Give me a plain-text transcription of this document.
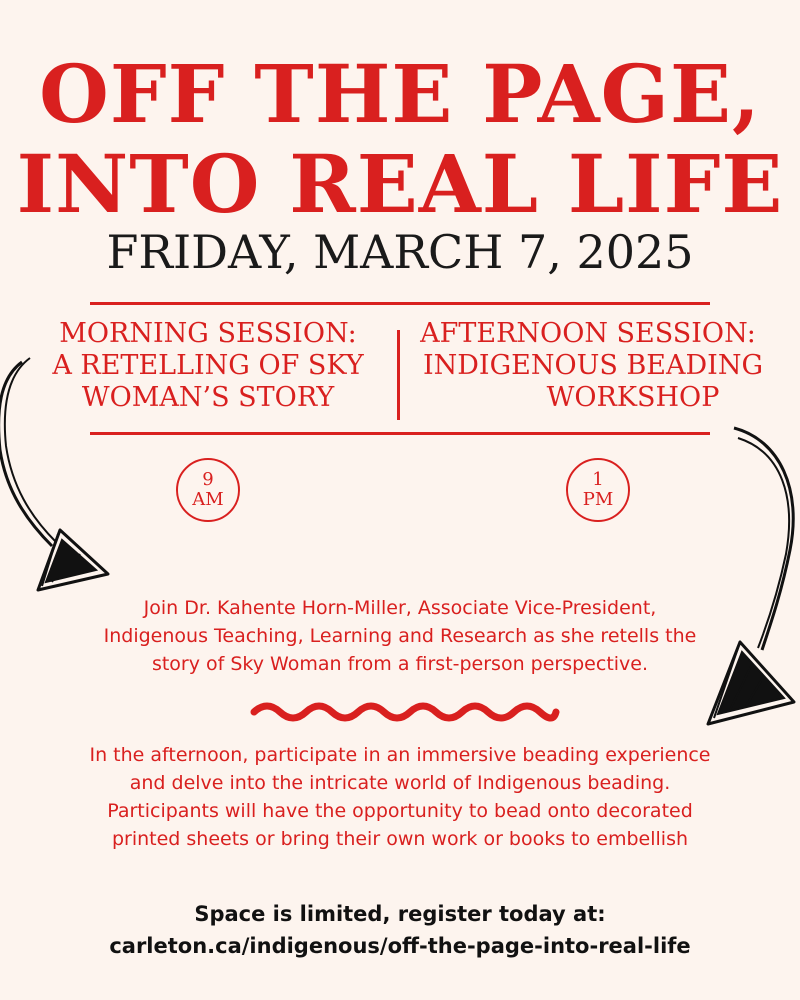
OFF THE PAGE,
INTO REAL LIFE
FRIDAY, MARCH 7, 2025
MORNING SESSION:
A RETELLING OF SKY
WOMAN’S STORY
AFTERNOON SESSION:
INDIGENOUS BEADING
WORKSHOP
9
AM
1
PM
Join Dr. Kahente Horn-Miller, Associate Vice-President,
Indigenous Teaching, Learning and Research as she retells the
story of Sky Woman from a first-person perspective.
In the afternoon, participate in an immersive beading experience
and delve into the intricate world of Indigenous beading.
Participants will have the opportunity to bead onto decorated
printed sheets or bring their own work or books to embellish
Space is limited, register today at:
carleton.ca/indigenous/off-the-page-into-real-life
